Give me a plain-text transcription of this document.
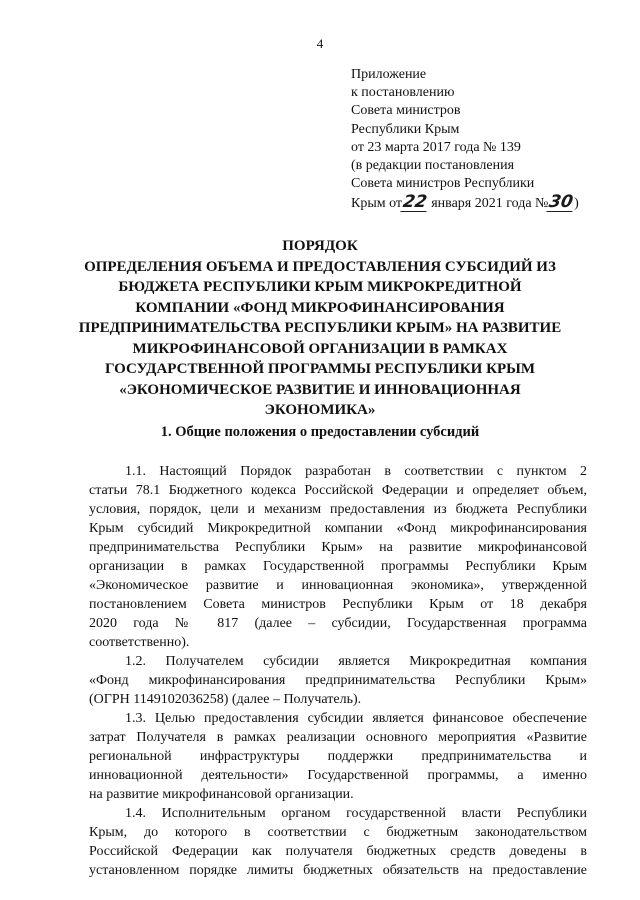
4
Приложение
к постановлению
Совета министров
Республики Крым
от 23 марта 2017 года № 139
(в редакции постановления
Совета министров Республики
Крым от22 января 2021 года №30)
ПОРЯДОК
ОПРЕДЕЛЕНИЯ ОБЪЕМА И ПРЕДОСТАВЛЕНИЯ СУБСИДИЙ ИЗ
БЮДЖЕТА РЕСПУБЛИКИ КРЫМ МИКРОКРЕДИТНОЙ
КОМПАНИИ «ФОНД МИКРОФИНАНСИРОВАНИЯ
ПРЕДПРИНИМАТЕЛЬСТВА РЕСПУБЛИКИ КРЫМ» НА РАЗВИТИЕ
МИКРОФИНАНСОВОЙ ОРГАНИЗАЦИИ В РАМКАХ
ГОСУДАРСТВЕННОЙ ПРОГРАММЫ РЕСПУБЛИКИ КРЫМ
«ЭКОНОМИЧЕСКОЕ РАЗВИТИЕ И ИННОВАЦИОННАЯ
ЭКОНОМИКА»
1. Общие положения о предоставлении субсидий
1.1. Настоящий Порядок разработан в соответствии с пунктом 2
статьи 78.1 Бюджетного кодекса Российской Федерации и определяет объем,
условия, порядок, цели и механизм предоставления из бюджета Республики
Крым субсидий Микрокредитной компании «Фонд микрофинансирования
предпринимательства Республики Крым» на развитие микрофинансовой
организации в рамках Государственной программы Республики Крым
«Экономическое развитие и инновационная экономика», утвержденной
постановлением Совета министров Республики Крым от 18 декабря
2020 года № 817 (далее – субсидии, Государственная программа
соответственно).
1.2. Получателем субсидии является Микрокредитная компания
«Фонд микрофинансирования предпринимательства Республики Крым»
(ОГРН 1149102036258) (далее – Получатель).
1.3. Целью предоставления субсидии является финансовое обеспечение
затрат Получателя в рамках реализации основного мероприятия «Развитие
региональной инфраструктуры поддержки предпринимательства и
инновационной деятельности» Государственной программы, а именно
на развитие микрофинансовой организации.
1.4. Исполнительным органом государственной власти Республики
Крым, до которого в соответствии с бюджетным законодательством
Российской Федерации как получателя бюджетных средств доведены в
установленном порядке лимиты бюджетных обязательств на предоставление
